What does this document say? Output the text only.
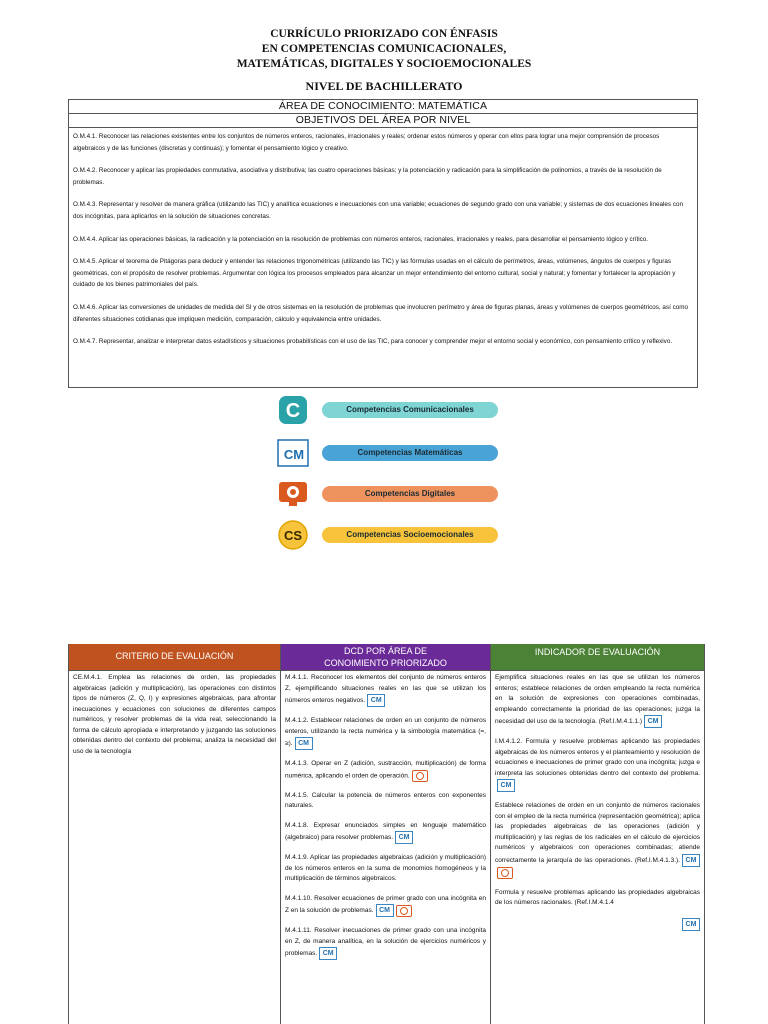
CURRÍCULO PRIORIZADO CON ÉNFASIS
EN COMPETENCIAS COMUNICACIONALES,
MATEMÁTICAS, DIGITALES Y SOCIOEMOCIONALES
NIVEL DE BACHILLERATO
ÁREA DE CONOCIMIENTO: MATEMÁTICA
OBJETIVOS DEL ÁREA POR NIVEL
O.M.4.1. Reconocer las relaciones existentes entre los conjuntos de números enteros, racionales, irracionales y reales; ordenar estos números y operar con ellos para lograr una mejor comprensión de procesos algebraicos y de las funciones (discretas y continuas); y fomentar el pensamiento lógico y creativo.
O.M.4.2. Reconocer y aplicar las propiedades conmutativa, asociativa y distributiva; las cuatro operaciones básicas; y la potenciación y radicación para la simplificación de polinomios, a través de la resolución de problemas.
O.M.4.3. Representar y resolver de manera gráfica (utilizando las TIC) y analítica ecuaciones e inecuaciones con una variable; ecuaciones de segundo grado con una variable; y sistemas de dos ecuaciones lineales con dos incógnitas, para aplicarlos en la solución de situaciones concretas.
O.M.4.4. Aplicar las operaciones básicas, la radicación y la potenciación en la resolución de problemas con números enteros, racionales, irracionales y reales, para desarrollar el pensamiento lógico y crítico.
O.M.4.5. Aplicar el teorema de Pitágoras para deducir y entender las relaciones trigonométricas (utilizando las TIC) y las fórmulas usadas en el cálculo de perímetros, áreas, volúmenes, ángulos de cuerpos y figuras geométricas, con el propósito de resolver problemas. Argumentar con lógica los procesos empleados para alcanzar un mejor entendimiento del entorno cultural, social y natural; y fomentar y fortalecer la apropiación y cuidado de los bienes patrimoniales del país.
O.M.4.6. Aplicar las conversiones de unidades de medida del SI y de otros sistemas en la resolución de problemas que involucren perímetro y área de figuras planas, áreas y volúmenes de cuerpos geométricos, así como diferentes situaciones cotidianas que impliquen medición, comparación, cálculo y equivalencia entre unidades.
O.M.4.7. Representar, analizar e interpretar datos estadísticos y situaciones probabilísticas con el uso de las TIC, para conocer y comprender mejor el entorno social y económico, con pensamiento crítico y reflexivo.
C	Competencias Comunicacionales
CM	Competencias Matemáticas
Competencias Digitales
CS	Competencias Socioemocionales
CRITERIO DE EVALUACIÓN

CE.M.4.1. Emplea las relaciones de orden, las propiedades algebraicas (adición y multiplicación), las operaciones con distintos tipos de números (Z, Q, I) y expresiones algebraicas, para afrontar inecuaciones y ecuaciones con soluciones de diferentes campos numéricos, y resolver problemas de la vida real, seleccionando la forma de cálculo apropiada e interpretando y juzgando las soluciones obtenidas dentro del contexto del problema; analiza la necesidad del uso de la tecnología

DCD POR ÁREA DE
CONOIMIENTO PRIORIZADO

M.4.1.1. Reconocer los elementos del conjunto de números enteros Z, ejemplificando situaciones reales en las que se utilizan los números enteros negativos. CM

M.4.1.2. Establecer relaciones de orden en un conjunto de números enteros, utilizando la recta numérica y la simbología matemática (=, ≥). CM

M.4.1.3. Operar en Z (adición, sustracción, multiplicación) de forma numérica, aplicando el orden de operación.

M.4.1.5. Calcular la potencia de números enteros con exponentes naturales.

M.4.1.8. Expresar enunciados simples en lenguaje matemático (algebraico) para resolver problemas. CM

M.4.1.9. Aplicar las propiedades algebraicas (adición y multiplicación) de los números enteros en la suma de monomios homogéneos y la multiplicación de términos algebraicos.

M.4.1.10. Resolver ecuaciones de primer grado con una incógnita en Z en la solución de problemas. CM

M.4.1.11. Resolver inecuaciones de primer grado con una incógnita en Z, de manera analítica, en la solución de ejercicios numéricos y problemas. CM

INDICADOR DE EVALUACIÓN

Ejemplifica situaciones reales en las que se utilizan los números enteros; establece relaciones de orden empleando la recta numérica en la solución de expresiones con operaciones combinadas, empleando correctamente la prioridad de las operaciones; juzga la necesidad del uso de la tecnología. (Ref.I.M.4.1.1.) CM

I.M.4.1.2. Formula y resuelve problemas aplicando las propiedades algebraicas de los números enteros y el planteamiento y resolución de ecuaciones e inecuaciones de primer grado con una incógnita; juzga e interpreta las soluciones obtenidas dentro del contexto del problema.CM

Establece relaciones de orden en un conjunto de números racionales con el empleo de la recta numérica (representación geométrica); aplica las propiedades algebraicas de las operaciones (adición y multiplicación) y las reglas de los radicales en el cálculo de ejercicios numéricos y algebraicos con operaciones combinadas; atiende correctamente la jerarquía de las operaciones. (Ref.I.M.4.1.3.). CM

Formula y resuelve problemas aplicando las propiedades algebraicas de los números racionales. (Ref.I.M.4.1.4

CM
